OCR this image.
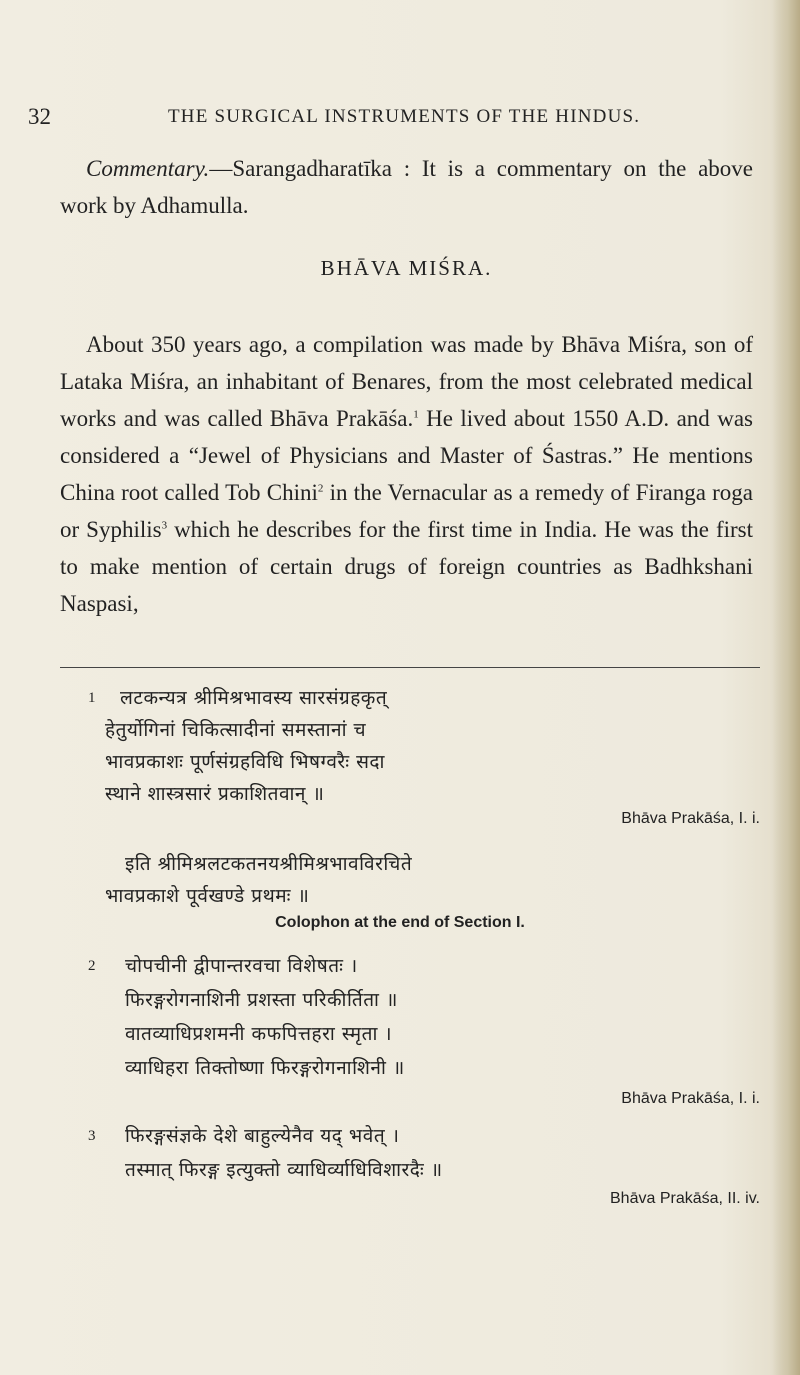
32	THE SURGICAL INSTRUMENTS OF THE HINDUS.

Commentary.—Sarangadharatīka : It is a commentary on the above work by Adhamulla.

BHĀVA MIŚRA.

About 350 years ago, a compilation was made by Bhāva Miśra, son of Lataka Miśra, an inhabitant of Benares, from the most celebrated medical works and was called Bhāva Prakāśa.$^1$ He lived about 1550 A.D. and was considered a “Jewel of Physicians and Master of Śastras.” He mentions China root called Tob Chini$^2$ in the Vernacular as a remedy of Firanga roga or Syphilis$^3$ which he describes for the first time in India. He was the first to make mention of certain drugs of foreign countries as Badhkshani Naspasi,

1 लटकन्यत्र श्रीमिश्रभावस्य सारसंग्रहकृत्
हेतुर्योगिनां चिकित्सादीनां समस्तानां च
भावप्रकाशः पूर्णसंग्रहविधि भिषग्वरैः सदा
स्थाने शास्त्रसारं प्रकाशितवान् ॥
Bhāva Prakāśa, I. i.
इति श्रीमिश्रलटकतनयश्रीमिश्रभावविरचिते
भावप्रकाशे पूर्वखण्डे प्रथमः ॥
Colophon at the end of Section I.
2 चोपचीनी द्वीपान्तरवचा विशेषतः ।
फिरङ्गरोगनाशिनी प्रशस्ता परिकीर्तिता ॥
वातव्याधिप्रशमनी कफपित्तहरा स्मृता ।
व्याधिहरा तिक्तोष्णा फिरङ्गरोगनाशिनी ॥
Bhāva Prakāśa, I. i.
3 फिरङ्गसंज्ञके देशे बाहुल्येनैव यद् भवेत् ।
तस्मात् फिरङ्ग इत्युक्तो व्याधिर्व्याधिविशारदैः ॥
Bhāva Prakāśa, II. iv.
